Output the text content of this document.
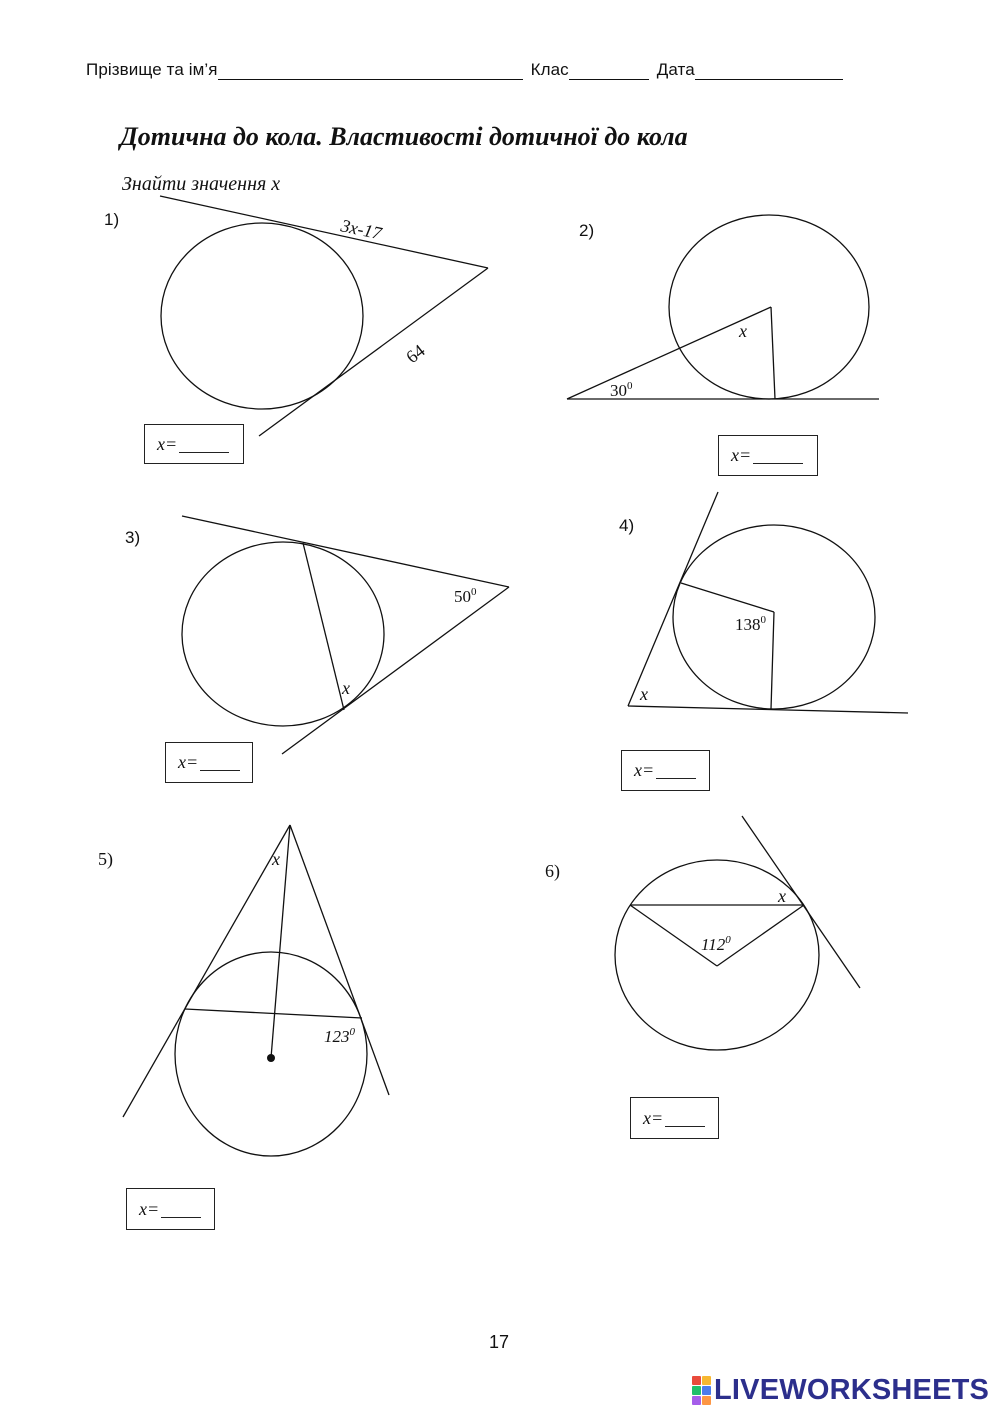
Прізвище та ім’я	Клас	Дата
Дотична до кола. Властивості дотичної до кола
Знайти значення x
1)
2)
3)
4)
5)
6)
3x-17
64
x
$30^0$
$50^0$
x
$138^0$
x
x
$123^0$
x
$112^0$
x=
x=
x=	x=
x=
x=
17
LIVEWORKSHEETS
